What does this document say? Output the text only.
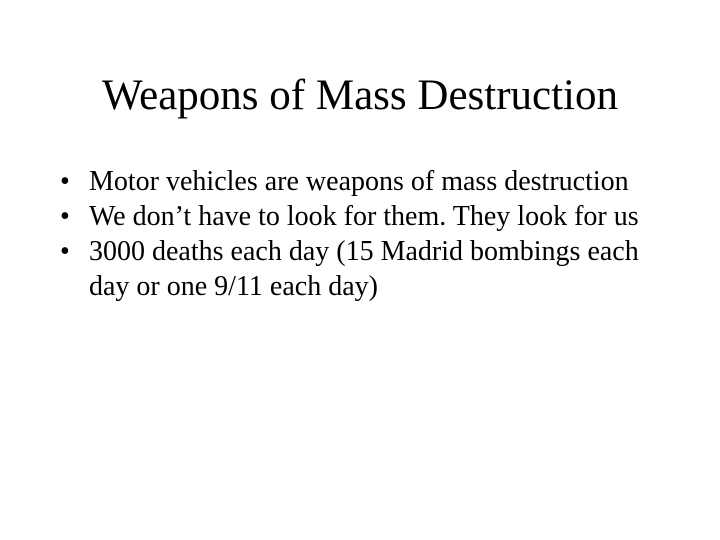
Weapons of Mass Destruction
• Motor vehicles are weapons of mass destruction
• We don’t have to look for them. They look for us
• 3000 deaths each day (15 Madrid bombings each day or one 9/11 each day)
